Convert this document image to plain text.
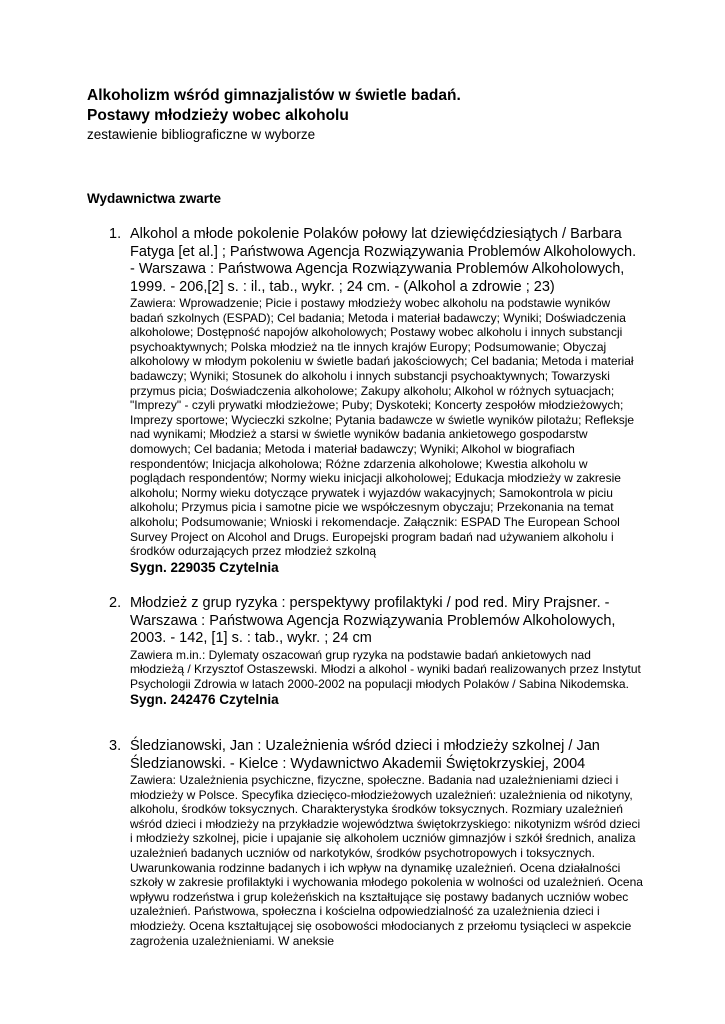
Alkoholizm wśród gimnazjalistów w świetle badań.

Postawy młodzieży wobec alkoholu

zestawienie bibliograficzne w wyborze

Wydawnictwa zwarte

1. Alkohol a młode pokolenie Polaków połowy lat dziewięćdziesiątych / Barbara Fatyga [et al.] ; Państwowa Agencja Rozwiązywania Problemów Alkoholowych. - Warszawa : Państwowa Agencja Rozwiązywania Problemów Alkoholowych, 1999. - 206,[2] s. : il., tab., wykr. ; 24 cm. - (Alkohol a zdrowie ; 23)

Zawiera: Wprowadzenie; Picie i postawy młodzieży wobec alkoholu na podstawie wyników badań szkolnych (ESPAD); Cel badania; Metoda i materiał badawczy; Wyniki; Doświadczenia alkoholowe; Dostępność napojów alkoholowych; Postawy wobec alkoholu i innych substancji psychoaktywnych; Polska młodzież na tle innych krajów Europy; Podsumowanie; Obyczaj alkoholowy w młodym pokoleniu w świetle badań jakościowych; Cel badania; Metoda i materiał badawczy; Wyniki; Stosunek do alkoholu i innych substancji psychoaktywnych; Towarzyski przymus picia; Doświadczenia alkoholowe; Zakupy alkoholu; Alkohol w różnych sytuacjach; "Imprezy" - czyli prywatki młodzieżowe; Puby; Dyskoteki; Koncerty zespołów młodzieżowych; Imprezy sportowe; Wycieczki szkolne; Pytania badawcze w świetle wyników pilotażu; Refleksje nad wynikami; Młodzież a starsi w świetle wyników badania ankietowego gospodarstw domowych; Cel badania; Metoda i materiał badawczy; Wyniki; Alkohol w biografiach respondentów; Inicjacja alkoholowa; Różne zdarzenia alkoholowe; Kwestia alkoholu w poglądach respondentów; Normy wieku inicjacji alkoholowej; Edukacja młodzieży w zakresie alkoholu; Normy wieku dotyczące prywatek i wyjazdów wakacyjnych; Samokontrola w piciu alkoholu; Przymus picia i samotne picie we współczesnym obyczaju; Przekonania na temat alkoholu; Podsumowanie; Wnioski i rekomendacje. Załącznik: ESPAD The European School Survey Project on Alcohol and Drugs. Europejski program badań nad używaniem alkoholu i środków odurzających przez młodzież szkolną

Sygn. 229035 Czytelnia

2. Młodzież z grup ryzyka : perspektywy profilaktyki / pod red. Miry Prajsner. - Warszawa : Państwowa Agencja Rozwiązywania Problemów Alkoholowych, 2003. - 142, [1] s. : tab., wykr. ; 24 cm

Zawiera m.in.: Dylematy oszacowań grup ryzyka na podstawie badań ankietowych nad młodzieżą / Krzysztof Ostaszewski. Młodzi a alkohol - wyniki badań realizowanych przez Instytut Psychologii Zdrowia w latach 2000-2002 na populacji młodych Polaków / Sabina Nikodemska.

Sygn. 242476 Czytelnia

3. Śledzianowski, Jan : Uzależnienia wśród dzieci i młodzieży szkolnej / Jan Śledzianowski. - Kielce : Wydawnictwo Akademii Świętokrzyskiej, 2004

Zawiera: Uzależnienia psychiczne, fizyczne, społeczne. Badania nad uzależnieniami dzieci i młodzieży w Polsce. Specyfika dziecięco-młodzieżowych uzależnień: uzależnienia od nikotyny, alkoholu, środków toksycznych. Charakterystyka środków toksycznych. Rozmiary uzależnień wśród dzieci i młodzieży na przykładzie województwa świętokrzyskiego: nikotynizm wśród dzieci i młodzieży szkolnej, picie i upajanie się alkoholem uczniów gimnazjów i szkół średnich, analiza uzależnień badanych uczniów od narkotyków, środków psychotropowych i toksycznych. Uwarunkowania rodzinne badanych i ich wpływ na dynamikę uzależnień. Ocena działalności szkoły w zakresie profilaktyki i wychowania młodego pokolenia w wolności od uzależnień. Ocena wpływu rodzeństwa i grup koleżeńskich na kształtujące się postawy badanych uczniów wobec uzależnień. Państwowa, społeczna i kościelna odpowiedzialność za uzależnienia dzieci i młodzieży. Ocena kształtującej się osobowości młodocianych z przełomu tysiącleci w aspekcie zagrożenia uzależnieniami. W aneksie
